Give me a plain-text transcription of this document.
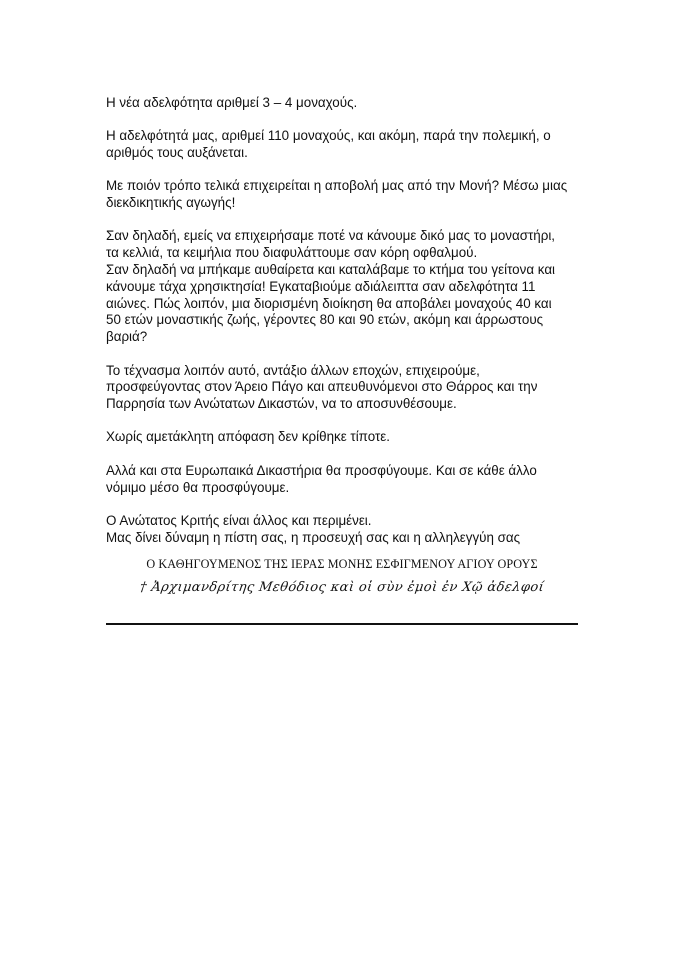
Η νέα αδελφότητα αριθμεί 3 – 4 μοναχούς.

Η αδελφότητά μας, αριθμεί 110 μοναχούς, και ακόμη, παρά την πολεμική, ο
αριθμός τους αυξάνεται.

Με ποιόν τρόπο τελικά επιχειρείται η αποβολή μας από την Μονή? Μέσω μιας
διεκδικητικής αγωγής!

Σαν δηλαδή, εμείς να επιχειρήσαμε ποτέ να κάνουμε δικό μας το μοναστήρι,
τα κελλιά, τα κειμήλια που διαφυλάττουμε σαν κόρη οφθαλμού.
Σαν δηλαδή να μπήκαμε αυθαίρετα και καταλάβαμε το κτήμα του γείτονα και
κάνουμε τάχα χρησικτησία! Εγκαταβιούμε αδιάλειπτα σαν αδελφότητα 11
αιώνες. Πώς λοιπόν, μια διορισμένη διοίκηση θα αποβάλει μοναχούς 40 και
50 ετών μοναστικής ζωής, γέροντες 80 και 90 ετών, ακόμη και άρρωστους
βαριά?

Το τέχνασμα λοιπόν αυτό, αντάξιο άλλων εποχών, επιχειρούμε,
προσφεύγοντας στον Άρειο Πάγο και απευθυνόμενοι στο Θάρρος και την
Παρρησία των Ανώτατων Δικαστών, να το αποσυνθέσουμε.

Χωρίς αμετάκλητη απόφαση δεν κρίθηκε τίποτε.

Αλλά και στα Ευρωπαικά Δικαστήρια θα προσφύγουμε. Και σε κάθε άλλο
νόμιμο μέσο θα προσφύγουμε.

Ο Ανώτατος Κριτής είναι άλλος και περιμένει.
Μας δίνει δύναμη η πίστη σας, η προσευχή σας και η αλληλεγγύη σας

Ο ΚΑΘΗΓΟΥΜΕΝΟΣ ΤΗΣ ΙΕΡΑΣ ΜΟΝΗΣ ΕΣΦΙΓΜΕΝΟΥ ΑΓΙΟΥ ΟΡΟΥΣ
† Ἀρχιμανδρίτης Μεθόδιος καὶ οἱ σὺν ἐμοὶ ἐν Χῷ ἀδελφοί
